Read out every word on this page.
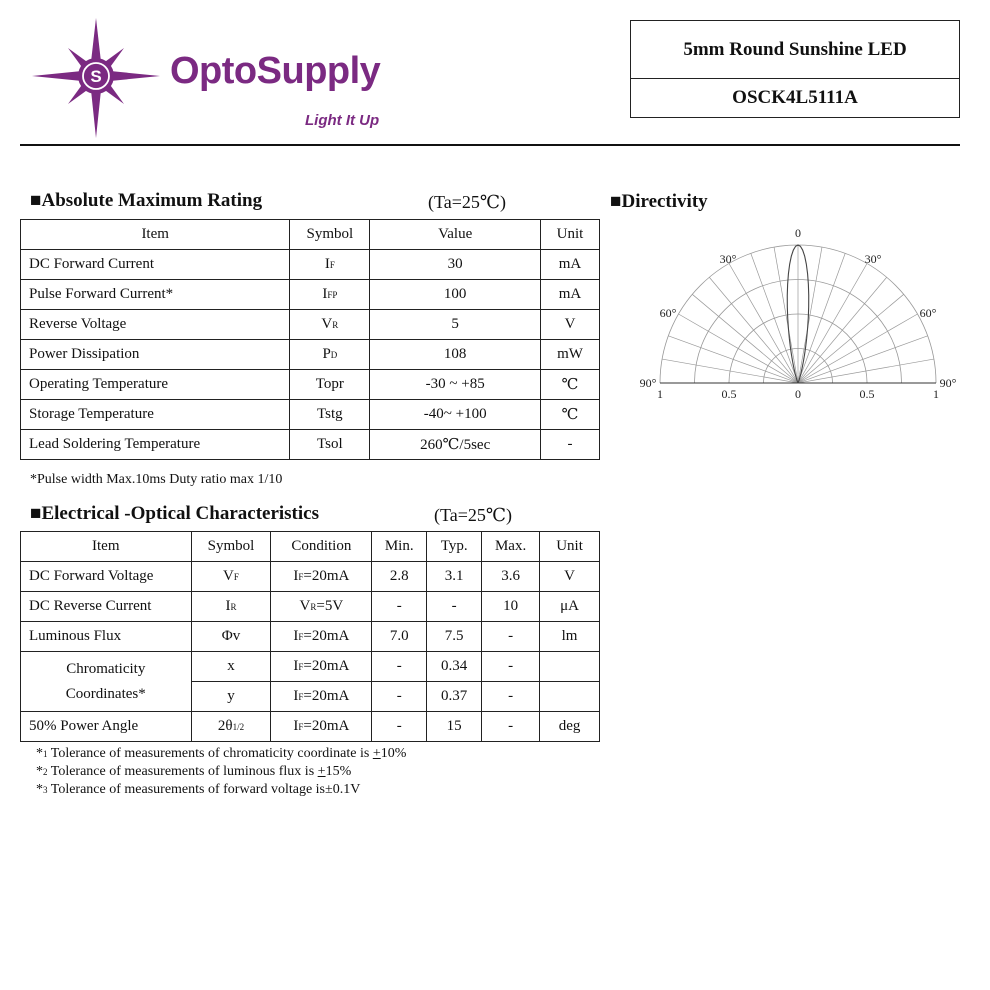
S OptoSupply
Light It Up
5mm Round Sunshine LED
OSCK4L5111A
■Absolute Maximum Rating	(Ta=25℃)
Item	Symbol	Value	Unit
DC Forward Current	IF	30	mA
Pulse Forward Current*	IFP	100	mA
Reverse Voltage	VR	5	V
Power Dissipation	PD	108	mW
Operating Temperature	Topr	-30 ~ +85	℃
Storage Temperature	Tstg	-40~ +100	℃
Lead Soldering Temperature	Tsol	260℃/5sec	-
*Pulse width Max.10ms Duty ratio max 1/10
■Electrical -Optical Characteristics	(Ta=25℃)
Item	Symbol	Condition	Min.	Typ.	Max.	Unit
DC Forward Voltage	VF	IF=20mA	2.8	3.1	3.6	V
DC Reverse Current	IR	VR=5V	-	-	10	μA
Luminous Flux	Φv	IF=20mA	7.0	7.5	-	lm

Chromaticity
Coordinates*	x	IF=20mA	-	0.34	-	
	y	IF=20mA	-	0.37	-	
50% Power Angle	2θ1/2	IF=20mA	-	15	-	deg
*1 Tolerance of measurements of chromaticity coordinate is +10%
*2 Tolerance of measurements of luminous flux is +15%
*3 Tolerance of measurements of forward voltage is±0.1V
■Directivity
0
30°	30°
60°	60°
90°	90°
1	0.5	0	0.5	1
